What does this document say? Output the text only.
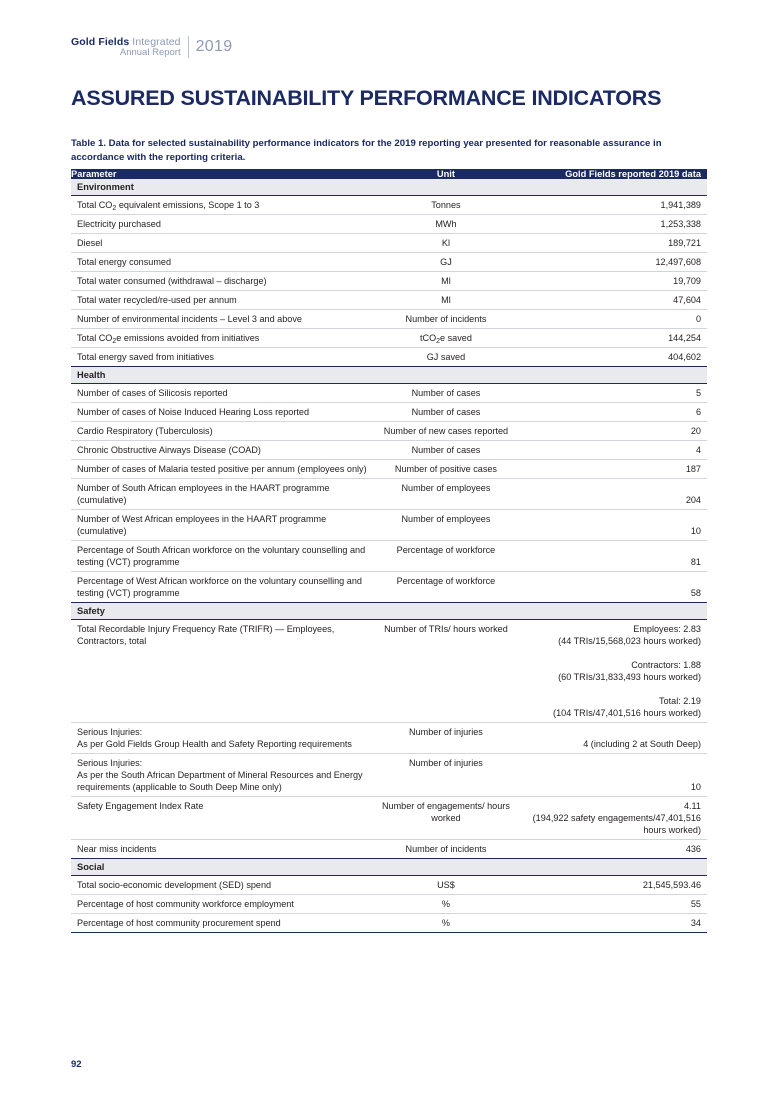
Gold Fields Integrated
Annual Report 2019
ASSURED SUSTAINABILITY PERFORMANCE INDICATORS
Table 1. Data for selected sustainability performance indicators for the 2019 reporting year presented for reasonable assurance in accordance with the reporting criteria.
Parameter	Unit	Gold Fields reported 2019 data
Environment		
Total $CO_2$ equivalent emissions, Scope 1 to 3	Tonnes	1,941,389
Electricity purchased	MWh	1,253,338
Diesel	Kl	189,721
Total energy consumed	GJ	12,497,608
Total water consumed (withdrawal – discharge)	Ml	19,709
Total water recycled/re-used per annum	Ml	47,604
Number of environmental incidents – Level 3 and above	Number of incidents	0
Total $CO_2e$ emissions avoided from initiatives	tCO$_2$e saved	144,254
Total energy saved from initiatives	GJ saved	404,602
Health		
Number of cases of Silicosis reported	Number of cases	5
Number of cases of Noise Induced Hearing Loss reported	Number of cases	6
Cardio Respiratory (Tuberculosis)	Number of new cases reported	20
Chronic Obstructive Airways Disease (COAD)	Number of cases	4
Number of cases of Malaria tested positive per annum (employees only)	Number of positive cases	187
Number of South African employees in the HAART programme (cumulative)	Number of employees	204
Number of West African employees in the HAART programme (cumulative)	Number of employees	10
Percentage of South African workforce on the voluntary counselling and testing (VCT) programme	Percentage of workforce	81
Percentage of West African workforce on the voluntary counselling and testing (VCT) programme	Percentage of workforce	58
Safety		
Total Recordable Injury Frequency Rate (TRIFR) — Employees, Contractors, total	Number of TRIs/ hours worked	Employees: 2.83
(44 TRIs/15,568,023 hours worked)

Contractors: 1.88
(60 TRIs/31,833,493 hours worked)

Total: 2.19
(104 TRIs/47,401,516 hours worked)
Serious Injuries:
As per Gold Fields Group Health and Safety Reporting requirements	Number of injuries	4 (including 2 at South Deep)
Serious Injuries:
As per the South African Department of Mineral Resources and Energy requirements (applicable to South Deep Mine only)	Number of injuries	10
Safety Engagement Index Rate	Number of engagements/ hours worked	4.11
(194,922 safety engagements/47,401,516 hours worked)
Near miss incidents	Number of incidents	436
Social		
Total socio-economic development (SED) spend	US$	21,545,593.46
Percentage of host community workforce employment	%	55
Percentage of host community procurement spend	%	34
92
